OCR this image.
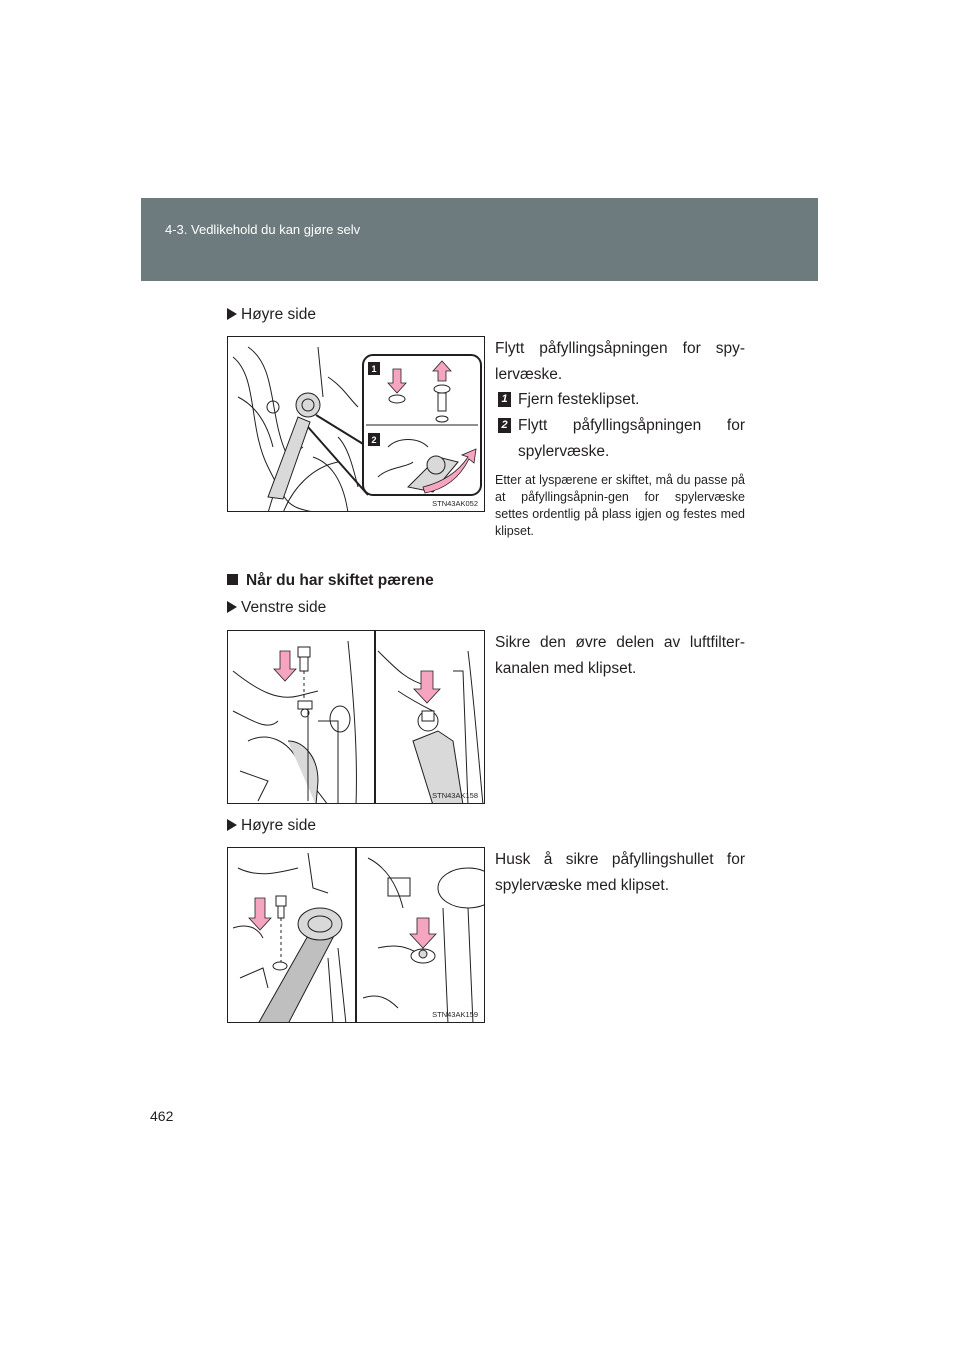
4-3. Vedlikehold du kan gjøre selv
Høyre side
1
2
STN43AK052
Flytt påfyllingsåpningen for spy-lervæske.
1 Fjern festeklipset.
2 Flytt påfyllingsåpningen for spylervæske.
Etter at lyspærene er skiftet, må du passe på at påfyllingsåpnin-gen for spylervæske settes ordentlig på plass igjen og festes med klipset.
Når du har skiftet pærene
Venstre side
STN43AK158
Sikre den øvre delen av luftfilter-kanalen med klipset.
Høyre side
STN43AK159
Husk å sikre påfyllingshullet for spylervæske med klipset.
462
